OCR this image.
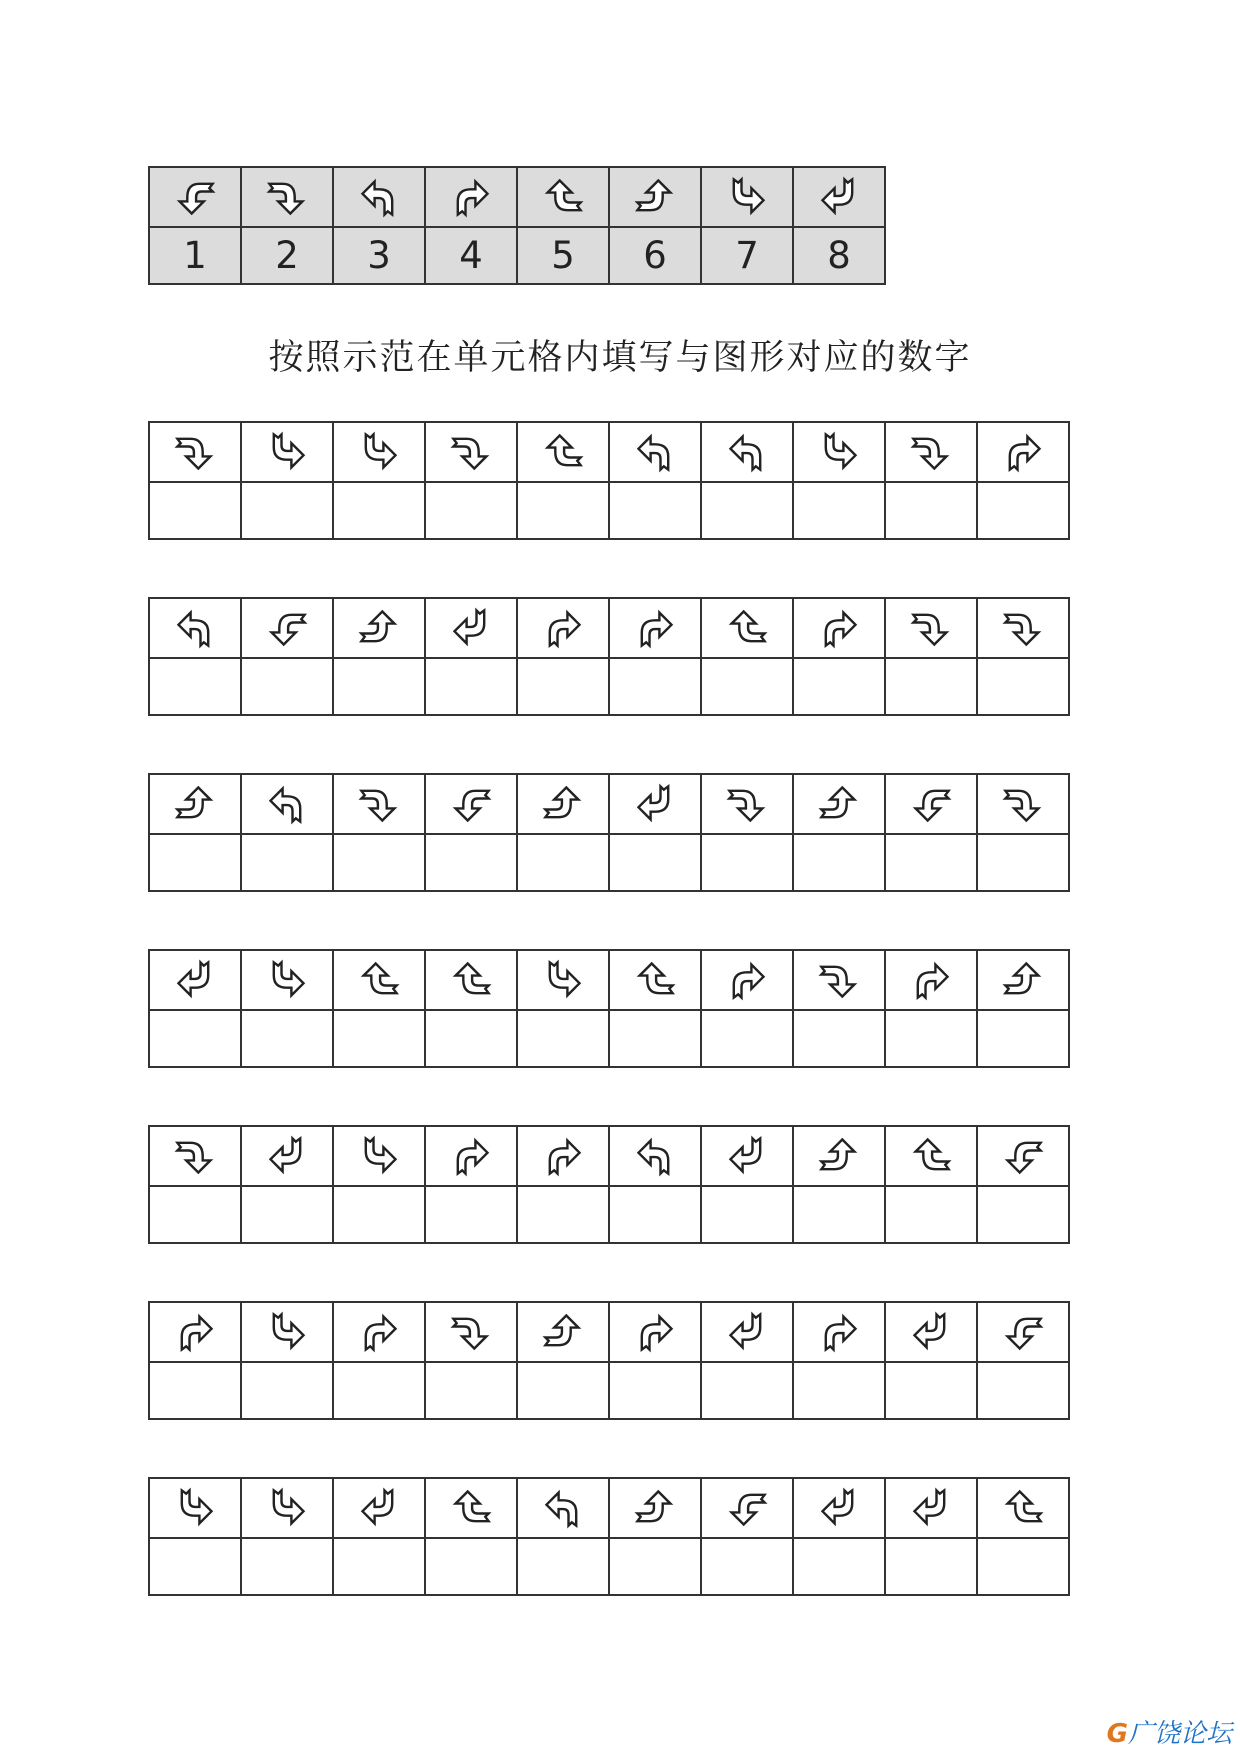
1	2	3	4	5	6	7	8
按照示范在单元格内填写与图形对应的数字

G广饶论坛
